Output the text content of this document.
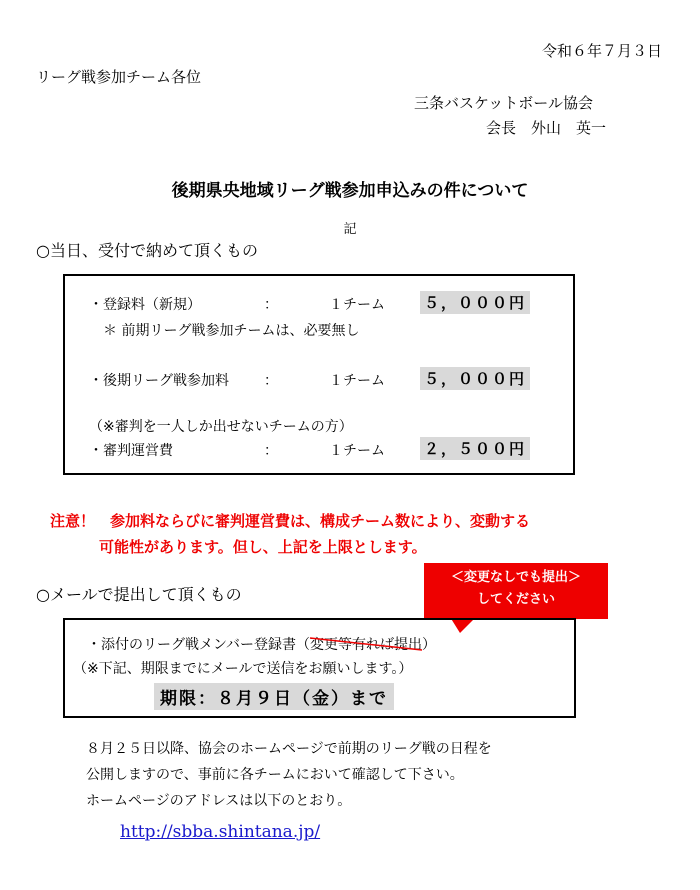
令和６年７月３日
リーグ戦参加チーム各位
三条バスケットボール協会
会長　外山　英一
後期県央地域リーグ戦参加申込みの件について
記
○当日、受付で納めて頂くもの
・登録料（新規）	：	１チーム	５，０００円
＊ 前期リーグ戦参加チームは、必要無し
・後期リーグ戦参加料	：	１チーム	５，０００円
（※審判を一人しか出せないチームの方）
・審判運営費	：	１チーム	２，５００円
注意！　参加料ならびに審判運営費は、構成チーム数により、変動する
可能性があります。但し、上記を上限とします。
○メールで提出して頂くもの
＜変更なしでも提出＞
してください
・添付のリーグ戦メンバー登録書（変更等有れば提出
）
（※下記、期限までにメールで送信をお願いします。）
期限：８月９日（金）まで
８月２５日以降、協会のホームページで前期のリーグ戦の日程を
公開しますので、事前に各チームにおいて確認して下さい。
ホームページのアドレスは以下のとおり。
http://sbba.shintana.jp/
